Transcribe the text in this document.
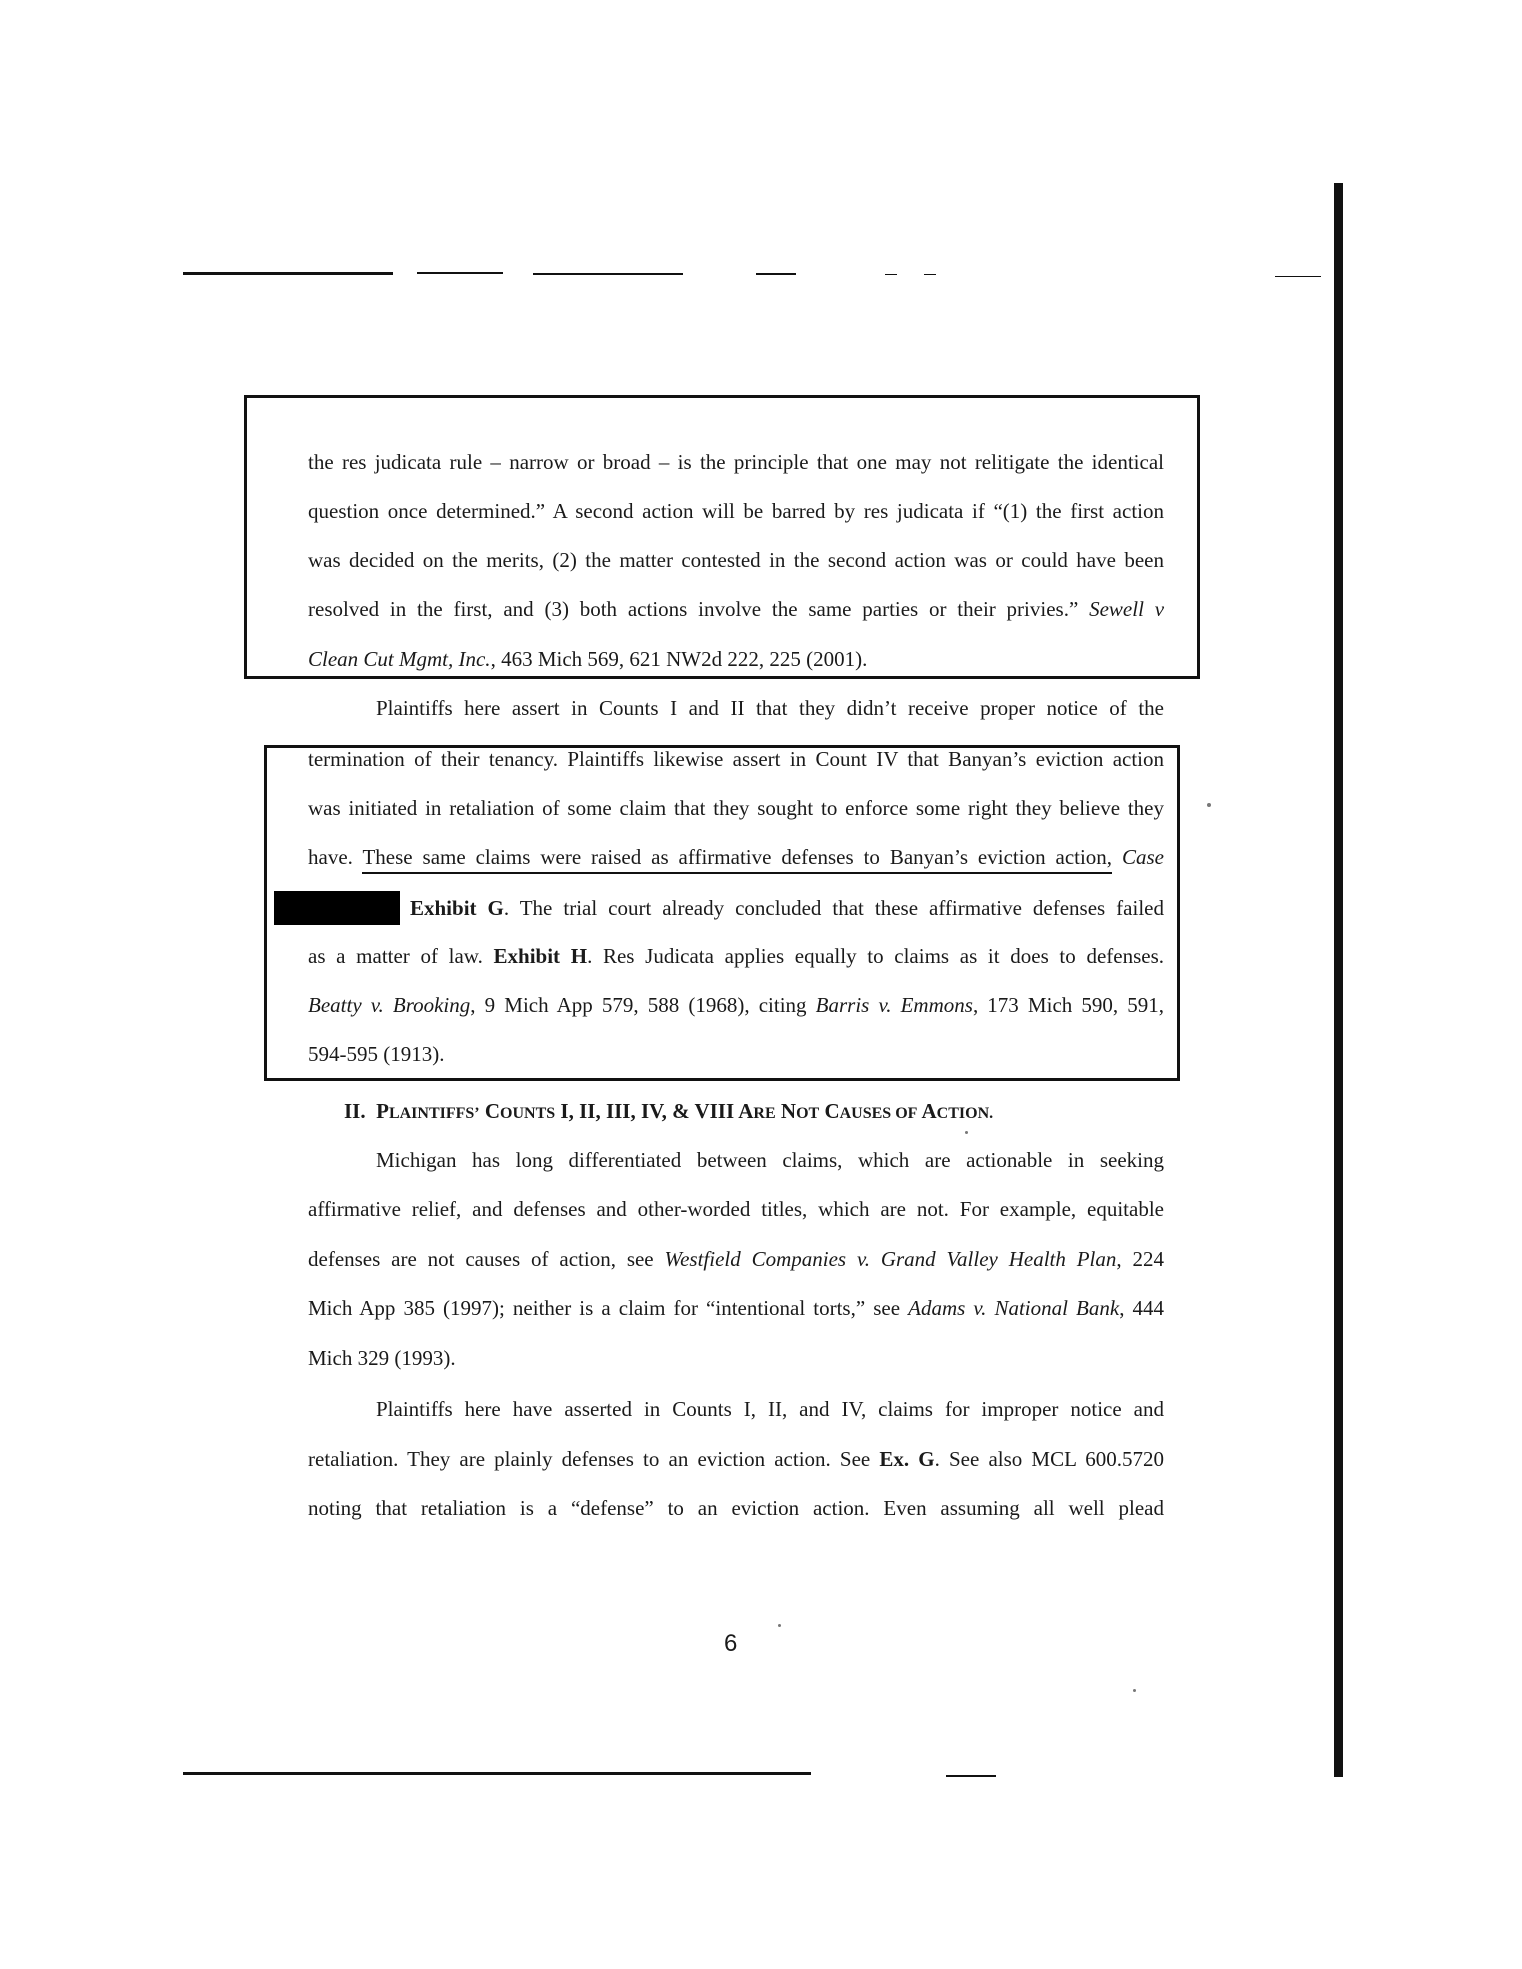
the res judicata rule – narrow or broad – is the principle that one may not relitigate the identical
question once determined.” A second action will be barred by res judicata if “(1) the first action
was decided on the merits, (2) the matter contested in the second action was or could have been
resolved in the first, and (3) both actions involve the same parties or their privies.” Sewell v
Clean Cut Mgmt, Inc., 463 Mich 569, 621 NW2d 222, 225 (2001).
Plaintiffs here assert in Counts I and II that they didn’t receive proper notice of the
termination of their tenancy. Plaintiffs likewise assert in Count IV that Banyan’s eviction action
was initiated in retaliation of some claim that they sought to enforce some right they believe they
have. These same claims were raised as affirmative defenses to Banyan’s eviction action, Case
Exhibit G. The trial court already concluded that these affirmative defenses failed
as a matter of law. Exhibit H. Res Judicata applies equally to claims as it does to defenses.
Beatty v. Brooking, 9 Mich App 579, 588 (1968), citing Barris v. Emmons, 173 Mich 590, 591,
594-595 (1913).
II. PLAINTIFFS’ COUNTS I, II, III, IV, & VIII ARE NOT CAUSES OF ACTION.
Michigan has long differentiated between claims, which are actionable in seeking
affirmative relief, and defenses and other-worded titles, which are not. For example, equitable
defenses are not causes of action, see Westfield Companies v. Grand Valley Health Plan, 224
Mich App 385 (1997); neither is a claim for “intentional torts,” see Adams v. National Bank, 444
Mich 329 (1993).
Plaintiffs here have asserted in Counts I, II, and IV, claims for improper notice and
retaliation. They are plainly defenses to an eviction action. See Ex. G. See also MCL 600.5720
noting that retaliation is a “defense” to an eviction action. Even assuming all well plead
6
